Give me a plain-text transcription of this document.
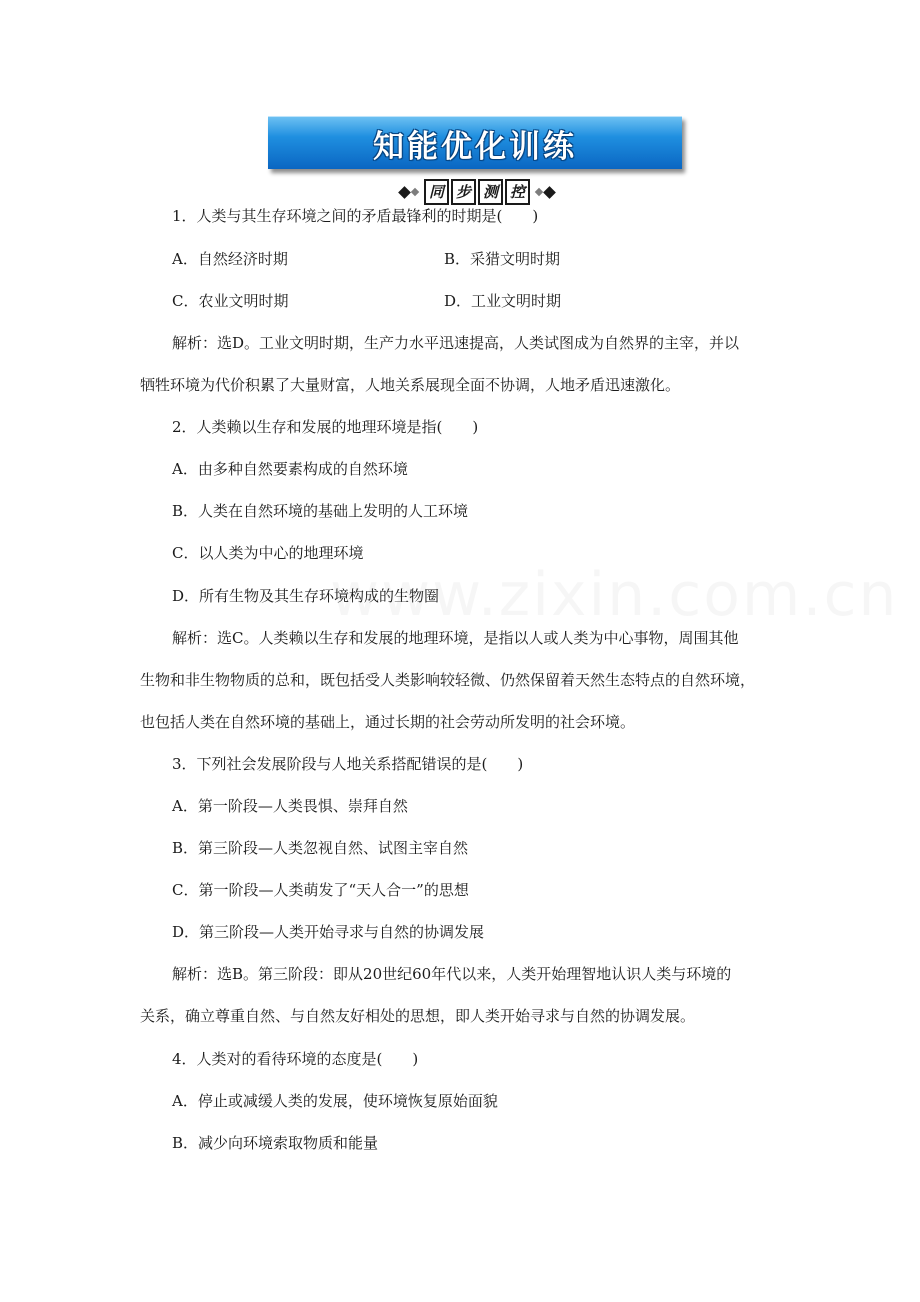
知能优化训练
同 步 测 控
1．人类与其生存环境之间的矛盾最锋利的时期是(　　)
A．自然经济时期	B．采猎文明时期
C．农业文明时期	D．工业文明时期
解析：选D。工业文明时期，生产力水平迅速提高，人类试图成为自然界的主宰，并以
牺牲环境为代价积累了大量财富，人地关系展现全面不协调，人地矛盾迅速激化。
2．人类赖以生存和发展的地理环境是指(　　)
A．由多种自然要素构成的自然环境
B．人类在自然环境的基础上发明的人工环境
C．以人类为中心的地理环境
D．所有生物及其生存环境构成的生物圈
解析：选C。人类赖以生存和发展的地理环境，是指以人或人类为中心事物，周围其他
生物和非生物物质的总和，既包括受人类影响较轻微、仍然保留着天然生态特点的自然环境，
也包括人类在自然环境的基础上，通过长期的社会劳动所发明的社会环境。
3．下列社会发展阶段与人地关系搭配错误的是(　　)
A．第一阶段—人类畏惧、崇拜自然
B．第三阶段—人类忽视自然、试图主宰自然
C．第一阶段—人类萌发了“天人合一”的思想
D．第三阶段—人类开始寻求与自然的协调发展
解析：选B。第三阶段：即从20世纪60年代以来，人类开始理智地认识人类与环境的
关系，确立尊重自然、与自然友好相处的思想，即人类开始寻求与自然的协调发展。
4．人类对的看待环境的态度是(　　)
A．停止或减缓人类的发展，使环境恢复原始面貌
B．减少向环境索取物质和能量
